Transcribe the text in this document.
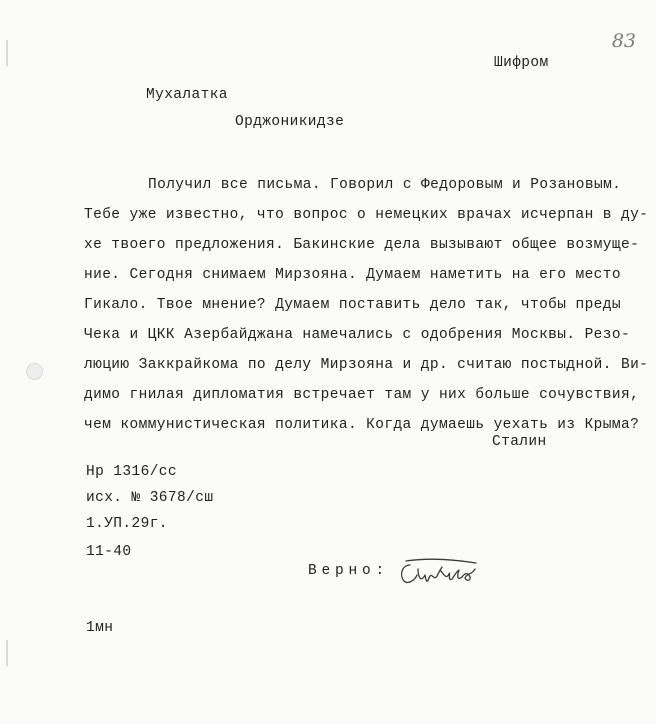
83
Шифром
Мухалатка
Орджоникидзе
Получил все письма. Говорил с Федоровым и Розановым.
Тебе уже известно, что вопрос о немецких врачах исчерпан в ду-
хе твоего предложения. Бакинские дела вызывают общее возмуще-
ние. Сегодня снимаем Мирзояна. Думаем наметить на его место
Гикало. Твое мнение? Думаем поставить дело так, чтобы преды
Чека и ЦКК Азербайджана намечались с одобрения Москвы. Резо-
люцию Заккрайкома по делу Мирзояна и др. считаю постыдной. Ви-
димо гнилая дипломатия встречает там у них больше сочувствия,
чем коммунистическая политика. Когда думаешь уехать из Крыма?
Сталин
Нр 1316/сс
исх. № 3678/сш
1.УП.29г.
11-40
Верно:
1мн
